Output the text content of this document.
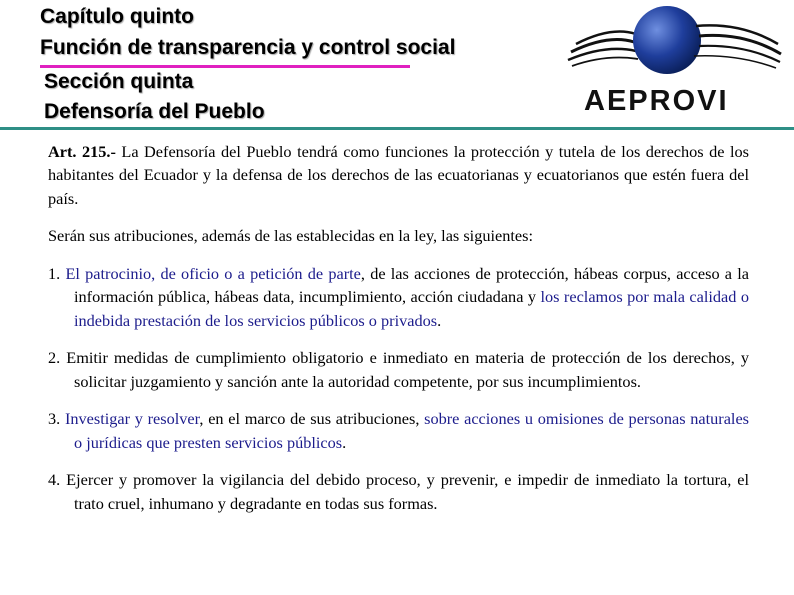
Capítulo quinto
Función de transparencia y control social
Sección quinta
Defensoría del Pueblo	AEPROVI

Art. 215.- La Defensoría del Pueblo tendrá como funciones la protección y tutela de los derechos de los habitantes del Ecuador y la defensa de los derechos de las ecuatorianas y ecuatorianos que estén fuera del país.

Serán sus atribuciones, además de las establecidas en la ley, las siguientes:

1. El patrocinio, de oficio o a petición de parte, de las acciones de protección, hábeas corpus, acceso a la información pública, hábeas data, incumplimiento, acción ciudadana y los reclamos por mala calidad o indebida prestación de los servicios públicos o privados.

2. Emitir medidas de cumplimiento obligatorio e inmediato en materia de protección de los derechos, y solicitar juzgamiento y sanción ante la autoridad competente, por sus incumplimientos.

3. Investigar y resolver, en el marco de sus atribuciones, sobre acciones u omisiones de personas naturales o jurídicas que presten servicios públicos.

4. Ejercer y promover la vigilancia del debido proceso, y prevenir, e impedir de inmediato la tortura, el trato cruel, inhumano y degradante en todas sus formas.
